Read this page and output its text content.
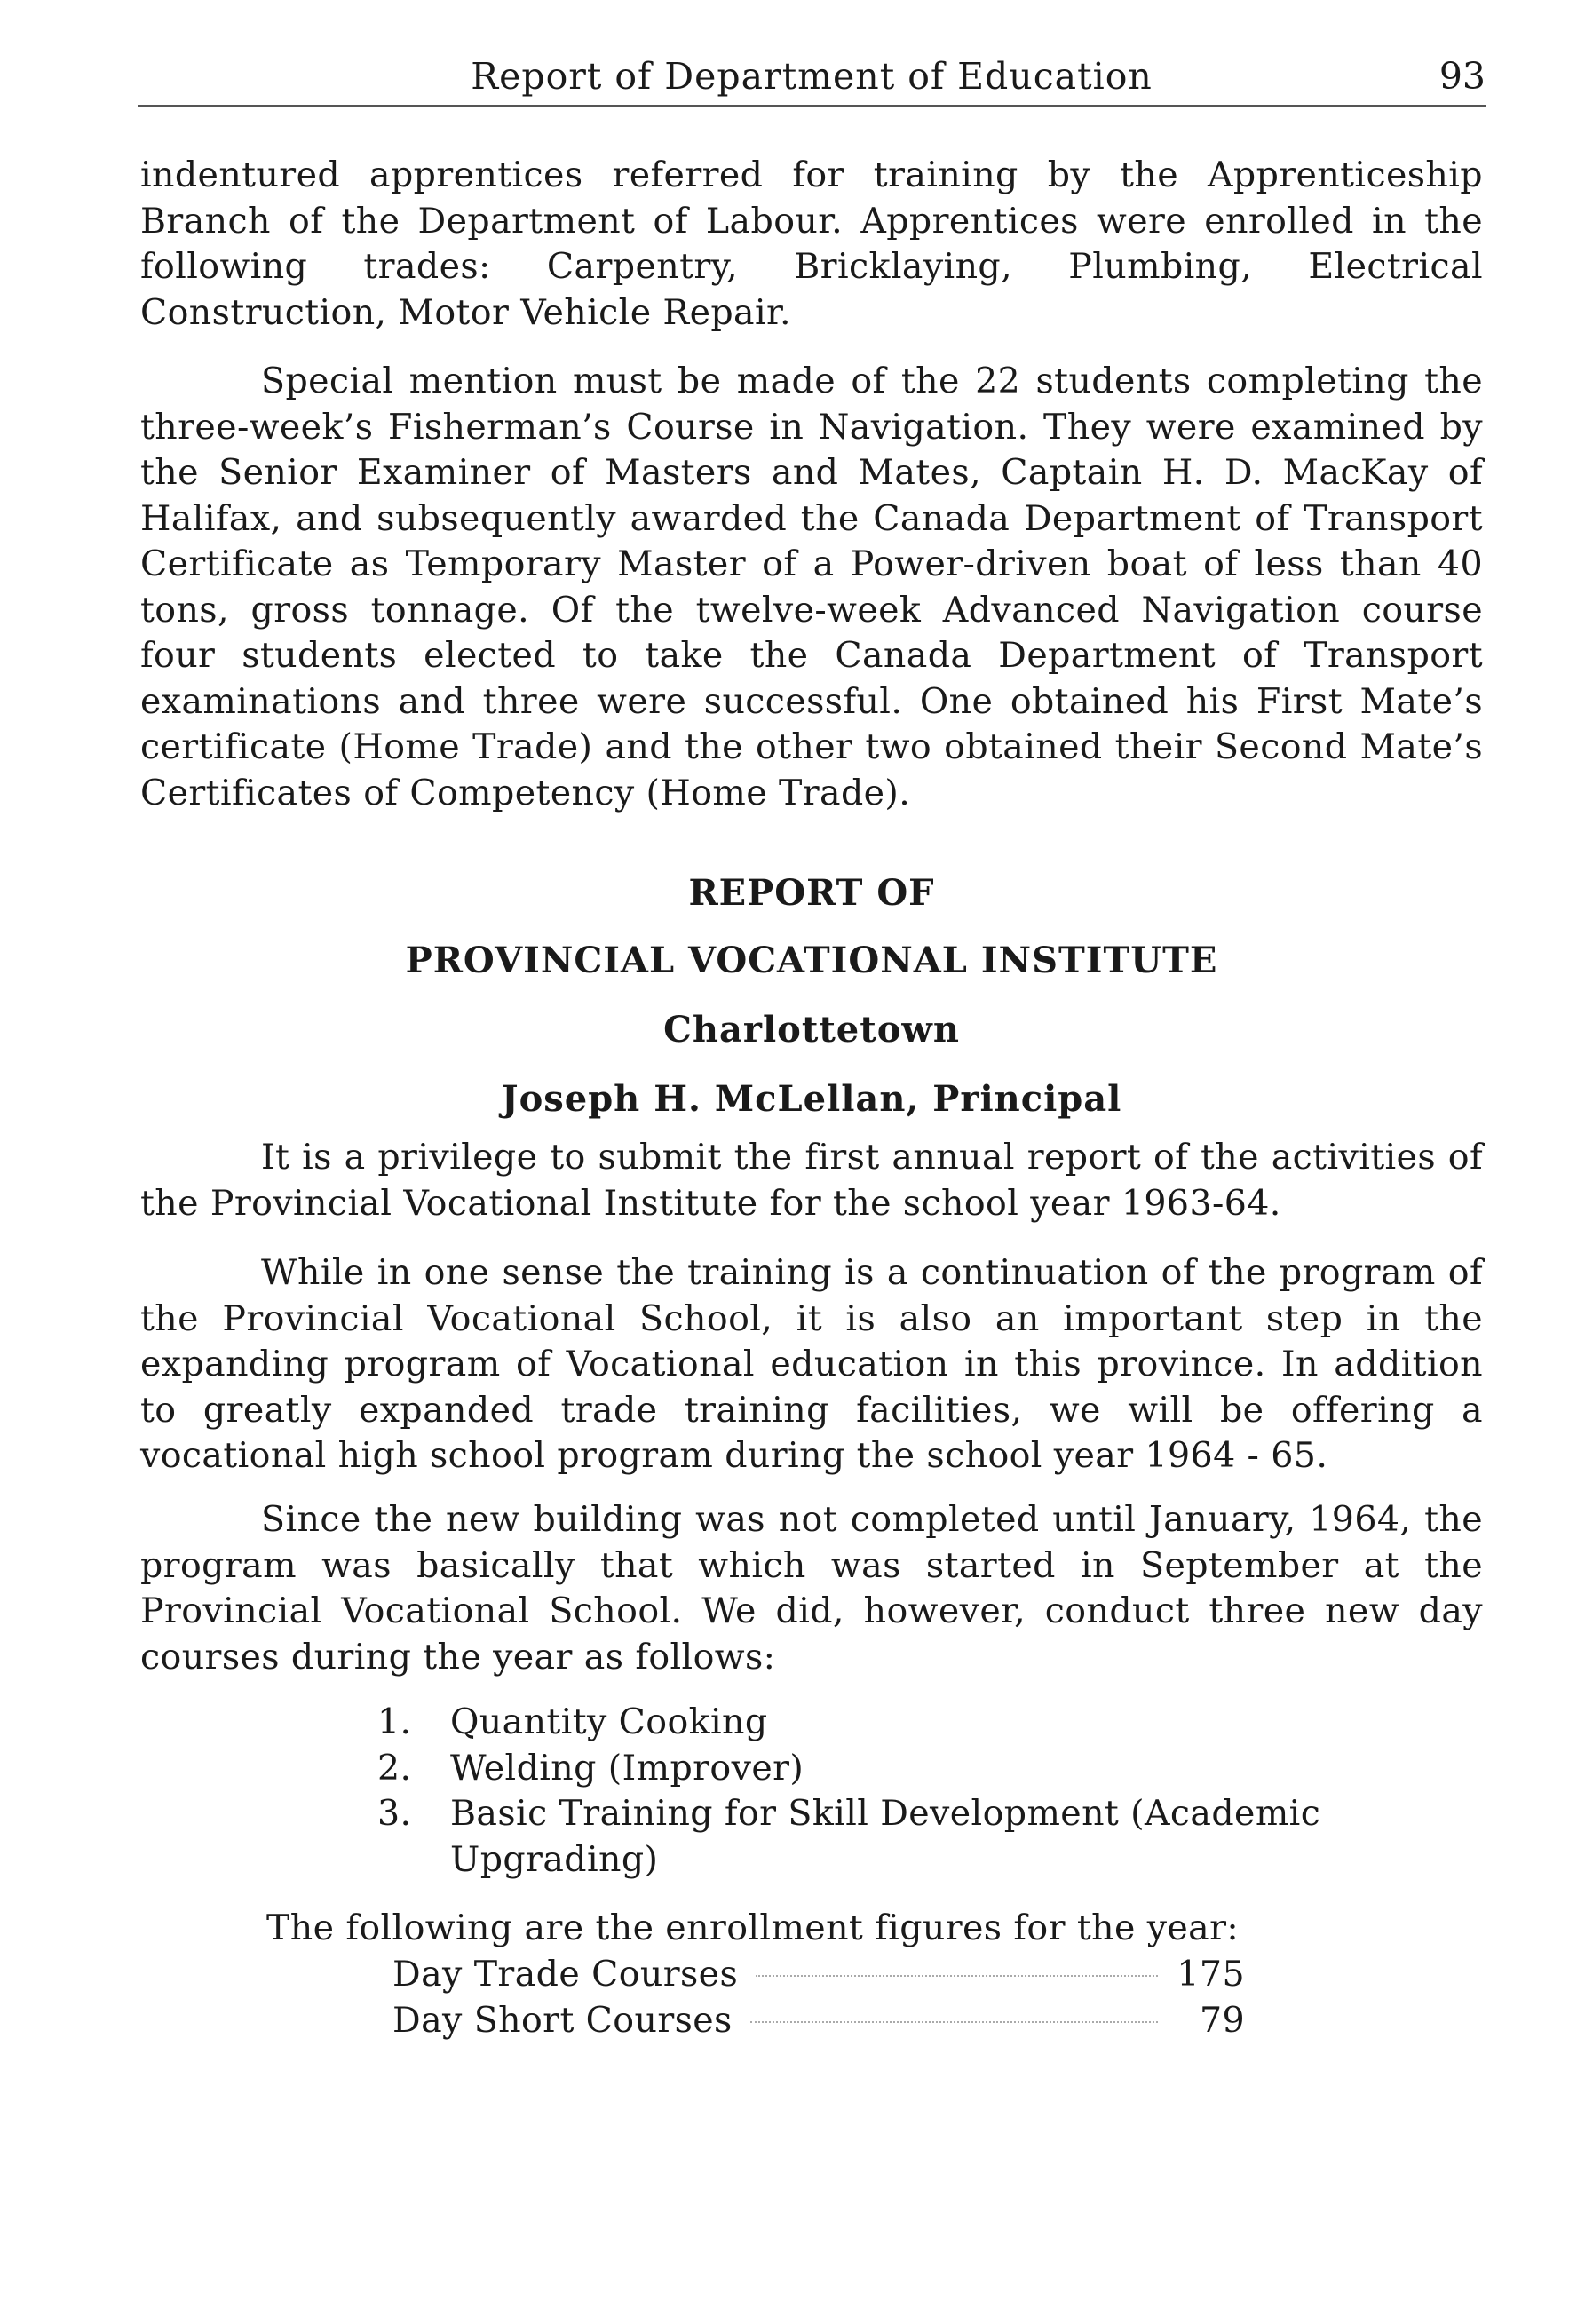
Report of Department of Education	93

indentured apprentices referred for training by the Apprenticeship Branch of the Department of Labour. Apprentices were enrolled in the following trades: Carpentry, Bricklaying, Plumbing, Electrical Construction, Motor Vehicle Repair.

Special mention must be made of the 22 students completing the three-week’s Fisherman’s Course in Navigation. They were examined by the Senior Examiner of Masters and Mates, Captain H. D. MacKay of Halifax, and subsequently awarded the Canada Department of Transport Certificate as Temporary Master of a Power-driven boat of less than 40 tons, gross tonnage. Of the twelve-week Advanced Navigation course four students elected to take the Canada Department of Transport examinations and three were successful. One obtained his First Mate’s certificate (Home Trade) and the other two obtained their Second Mate’s Certificates of Competency (Home Trade).

REPORT OF

PROVINCIAL VOCATIONAL INSTITUTE

Charlottetown

Joseph H. McLellan, Principal

It is a privilege to submit the first annual report of the activities of the Provincial Vocational Institute for the school year 1963-64.

While in one sense the training is a continuation of the program of the Provincial Vocational School, it is also an important step in the expanding program of Vocational education in this province. In addition to greatly expanded trade training facilities, we will be offering a vocational high school program during the school year 1964 - 65.

Since the new building was not completed until January, 1964, the program was basically that which was started in September at the Provincial Vocational School. We did, however, conduct three new day courses during the year as follows:

1. Quantity Cooking
2. Welding (Improver)
3. Basic Training for Skill Development (Academic Upgrading)

The following are the enrollment figures for the year:

Day Trade Courses	175
Day Short Courses	79
